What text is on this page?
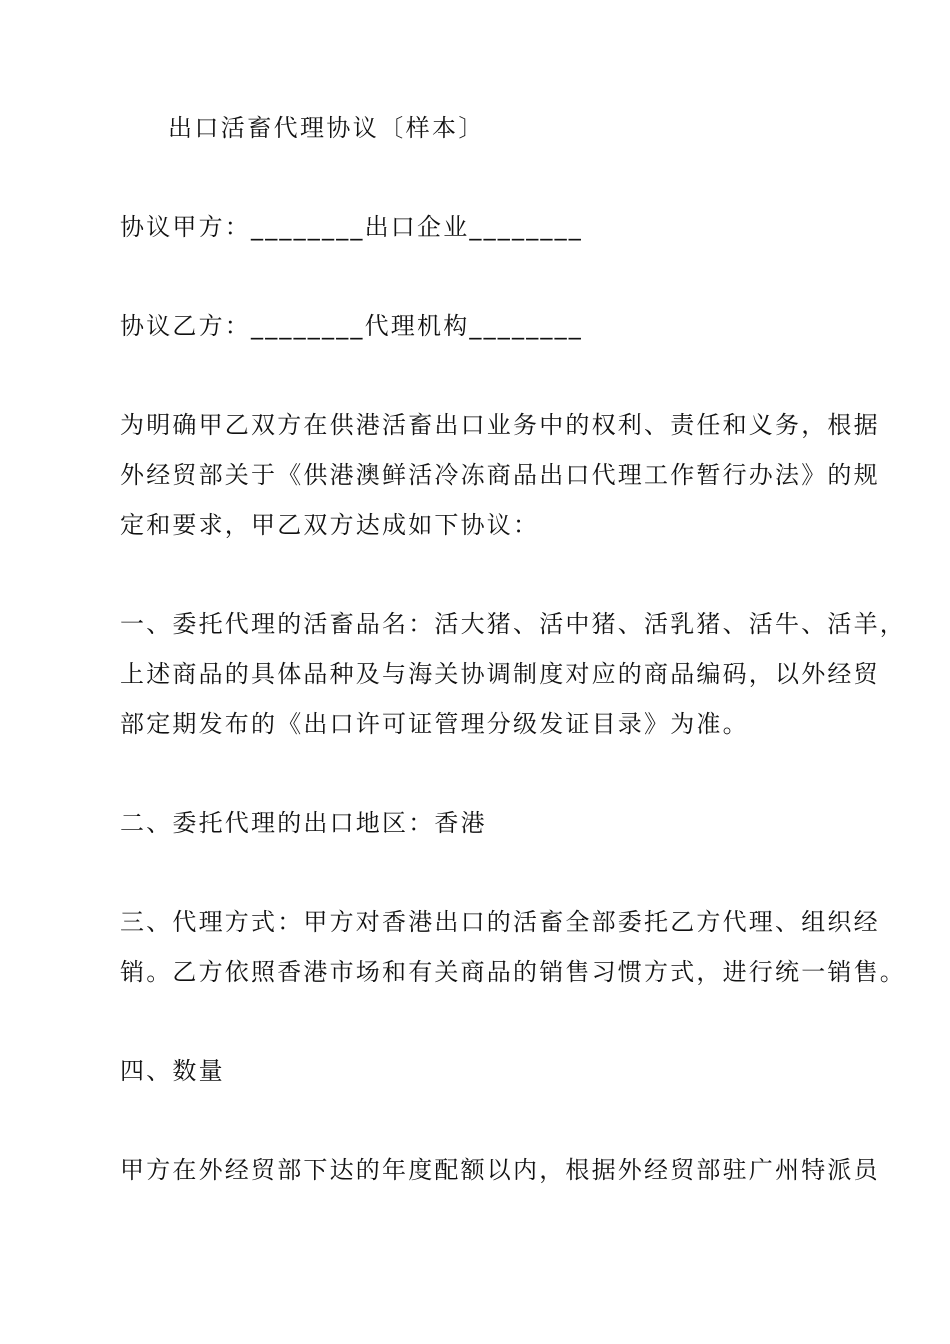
出口活畜代理协议〔样本〕
协议甲方：________出口企业________
协议乙方：________代理机构________
为明确甲乙双方在供港活畜出口业务中的权利、责任和义务，根据
外经贸部关于《供港澳鲜活冷冻商品出口代理工作暂行办法》的规
定和要求，甲乙双方达成如下协议：
一、委托代理的活畜品名：活大猪、活中猪、活乳猪、活牛、活羊，
上述商品的具体品种及与海关协调制度对应的商品编码，以外经贸
部定期发布的《出口许可证管理分级发证目录》为准。
二、委托代理的出口地区：香港
三、代理方式：甲方对香港出口的活畜全部委托乙方代理、组织经
销。乙方依照香港市场和有关商品的销售习惯方式，进行统一销售。
四、数量
甲方在外经贸部下达的年度配额以内，根据外经贸部驻广州特派员
